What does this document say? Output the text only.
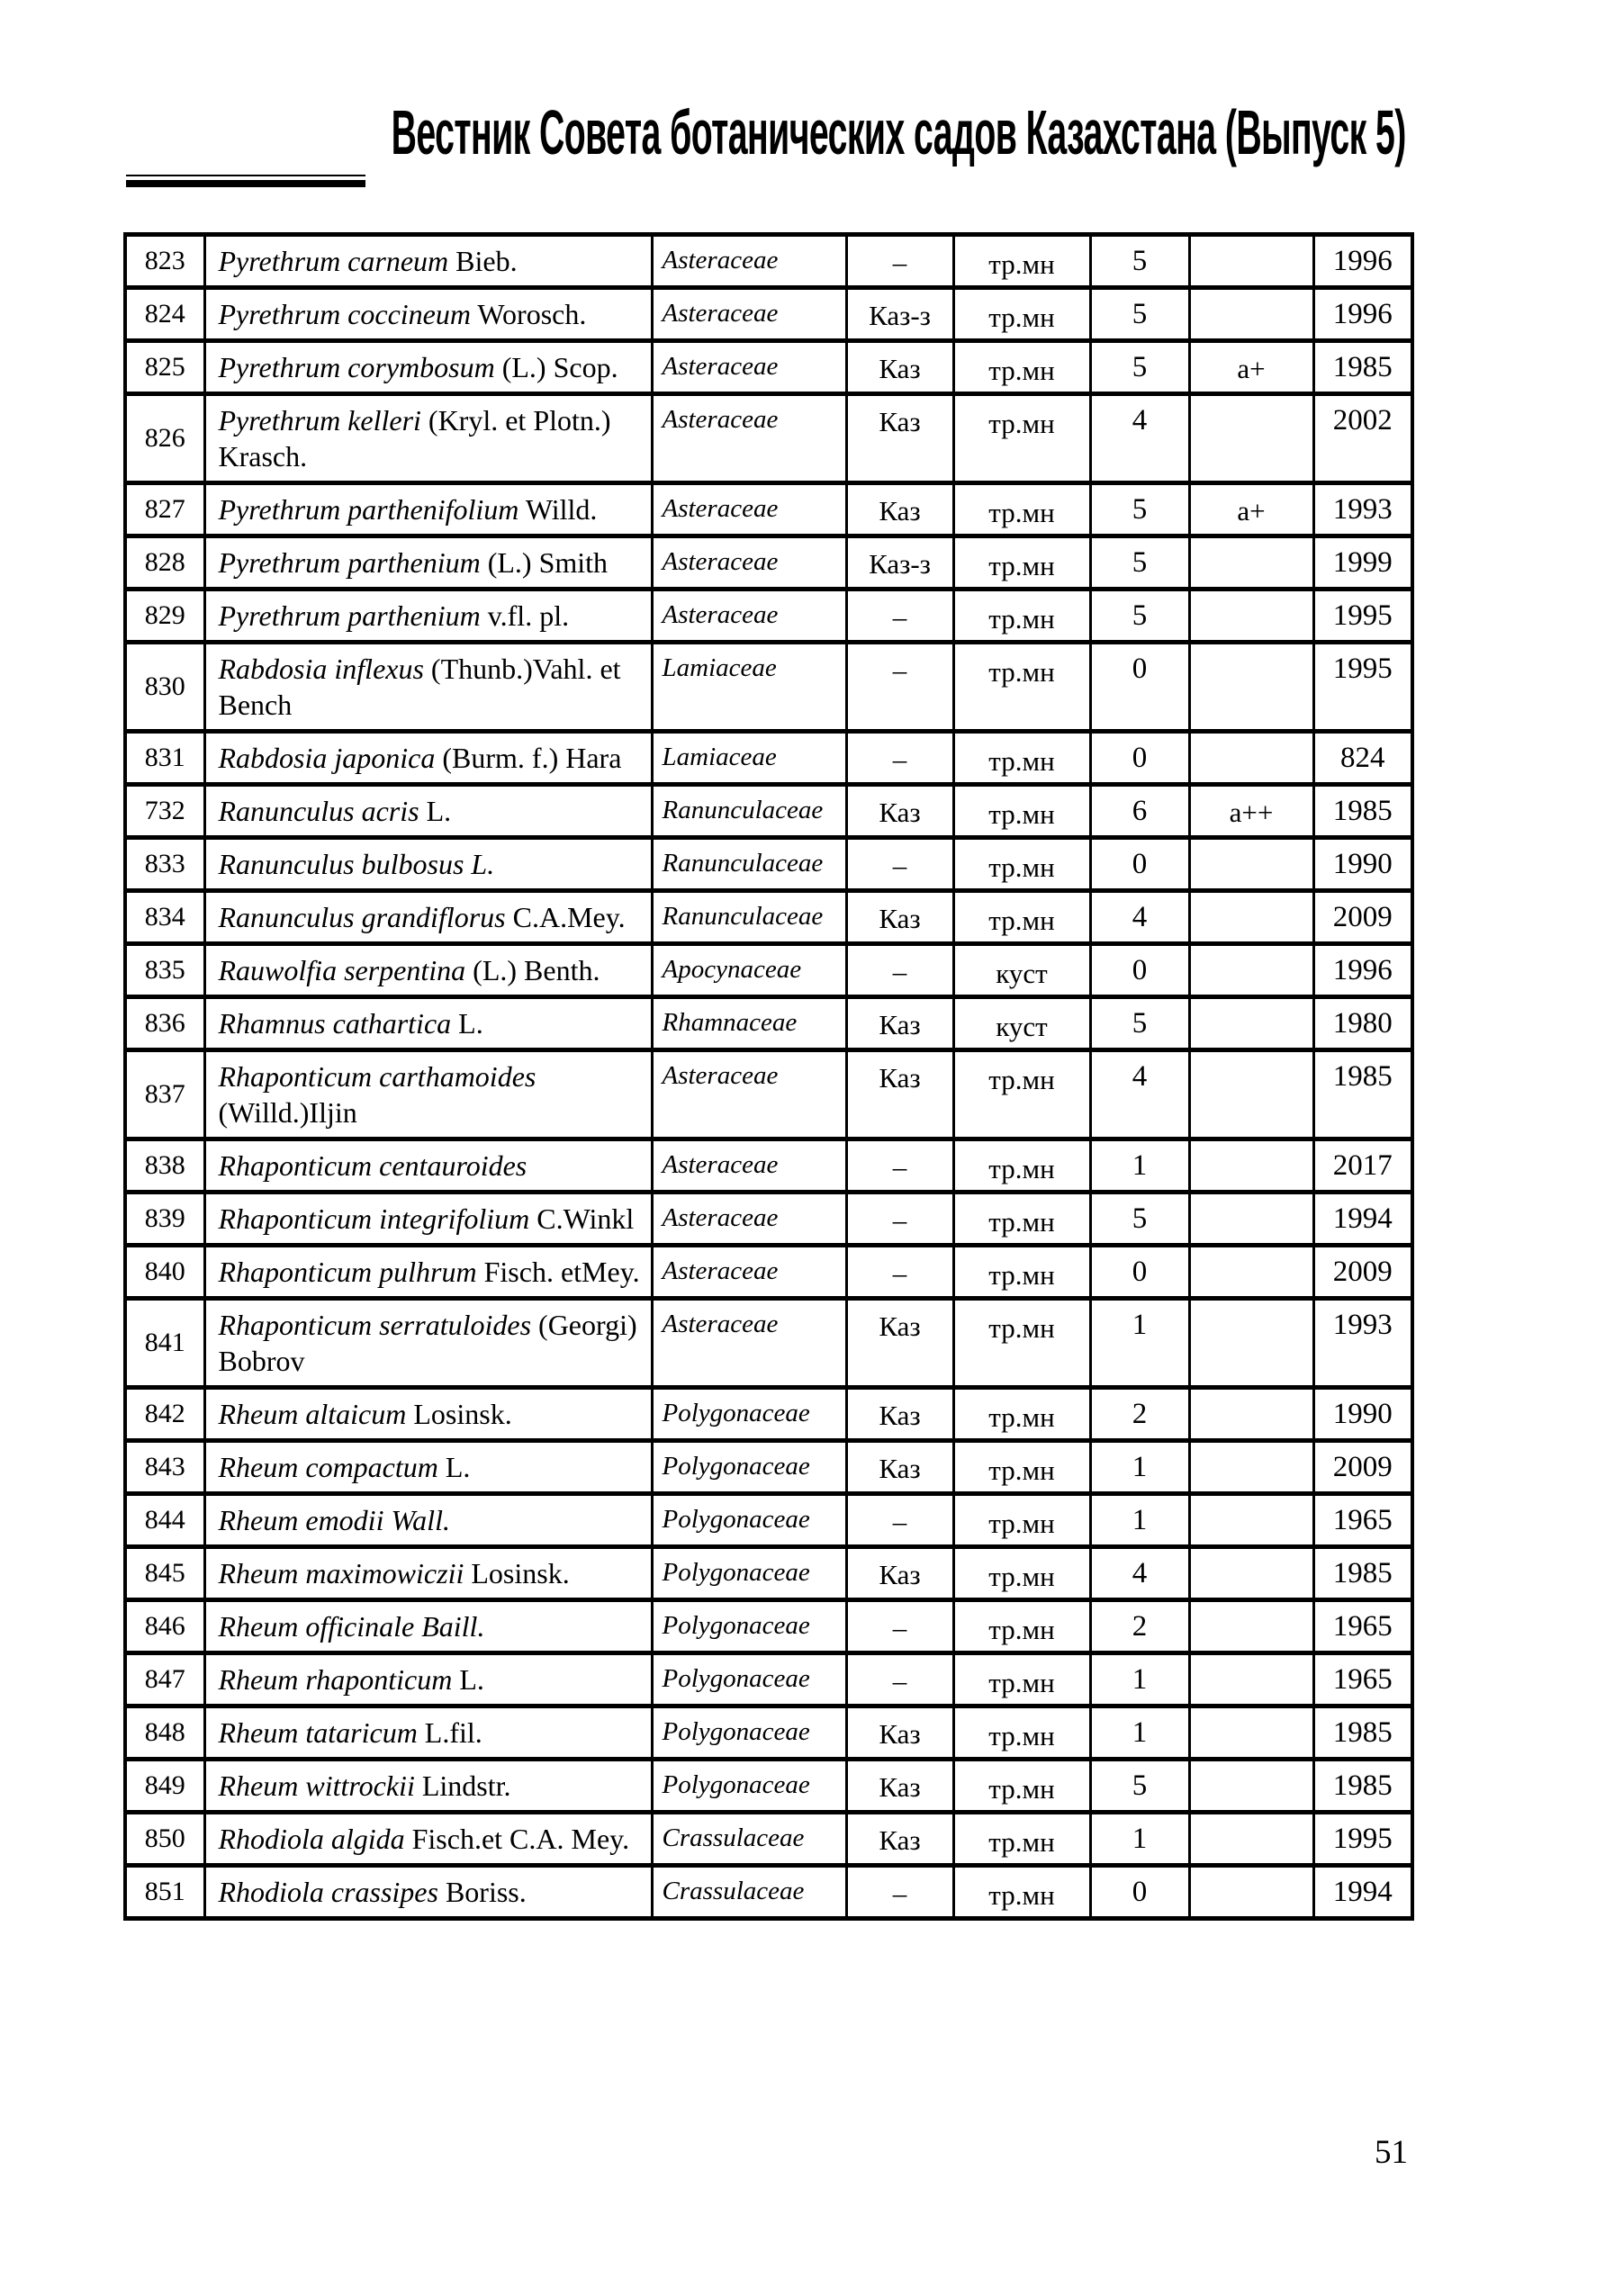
Вестник Совета ботанических садов Казахстана (Выпуск 5)
823	Pyrethrum carneum Bieb.	Asteraceae	–	тр.мн	5		1996
824	Pyrethrum coccineum Worosch.	Asteraceae	Каз-з	тр.мн	5		1996
825	Pyrethrum corymbosum (L.) Scop.	Asteraceae	Каз	тр.мн	5	a+	1985
826	Pyrethrum kelleri (Kryl. et Plotn.) Krasch.	Asteraceae	Каз	тр.мн	4		2002
827	Pyrethrum parthenifolium Willd.	Asteraceae	Каз	тр.мн	5	a+	1993
828	Pyrethrum parthenium (L.) Smith	Asteraceae	Каз-з	тр.мн	5		1999
829	Pyrethrum parthenium v.fl. pl.	Asteraceae	–	тр.мн	5		1995
830	Rabdosia inflexus (Thunb.)Vahl. et Bench	Lamiaceae	–	тр.мн	0		1995
831	Rabdosia japonica (Burm. f.) Hara	Lamiaceae	–	тр.мн	0		824
732	Ranunculus acris L.	Ranunculaceae	Каз	тр.мн	6	a++	1985
833	Ranunculus bulbosus L.	Ranunculaceae	–	тр.мн	0		1990
834	Ranunculus grandiflorus C.A.Mey.	Ranunculaceae	Каз	тр.мн	4		2009
835	Rauwolfia serpentina (L.) Benth.	Apocynaceae	–	куст	0		1996
836	Rhamnus cathartica L.	Rhamnaceae	Каз	куст	5		1980
837	Rhaponticum carthamoides (Willd.)Iljin	Asteraceae	Каз	тр.мн	4		1985
838	Rhaponticum centauroides	Asteraceae	–	тр.мн	1		2017
839	Rhaponticum integrifolium C.Winkl	Asteraceae	–	тр.мн	5		1994
840	Rhaponticum pulhrum Fisch. etMey.	Asteraceae	–	тр.мн	0		2009
841	Rhaponticum serratuloides (Georgi) Bobrov	Asteraceae	Каз	тр.мн	1		1993
842	Rheum altaicum Losinsk.	Polygonaceae	Каз	тр.мн	2		1990
843	Rheum compactum L.	Polygonaceae	Каз	тр.мн	1		2009
844	Rheum emodii Wall.	Polygonaceae	–	тр.мн	1		1965
845	Rheum maximowiczii Losinsk.	Polygonaceae	Каз	тр.мн	4		1985
846	Rheum officinale Baill.	Polygonaceae	–	тр.мн	2		1965
847	Rheum rhaponticum L.	Polygonaceae	–	тр.мн	1		1965
848	Rheum tataricum L.fil.	Polygonaceae	Каз	тр.мн	1		1985
849	Rheum wittrockii Lindstr.	Polygonaceae	Каз	тр.мн	5		1985
850	Rhodiola algida Fisch.et C.A. Mey.	Crassulaceae	Каз	тр.мн	1		1995
851	Rhodiola crassipes Boriss.	Crassulaceae	–	тр.мн	0		1994
51
